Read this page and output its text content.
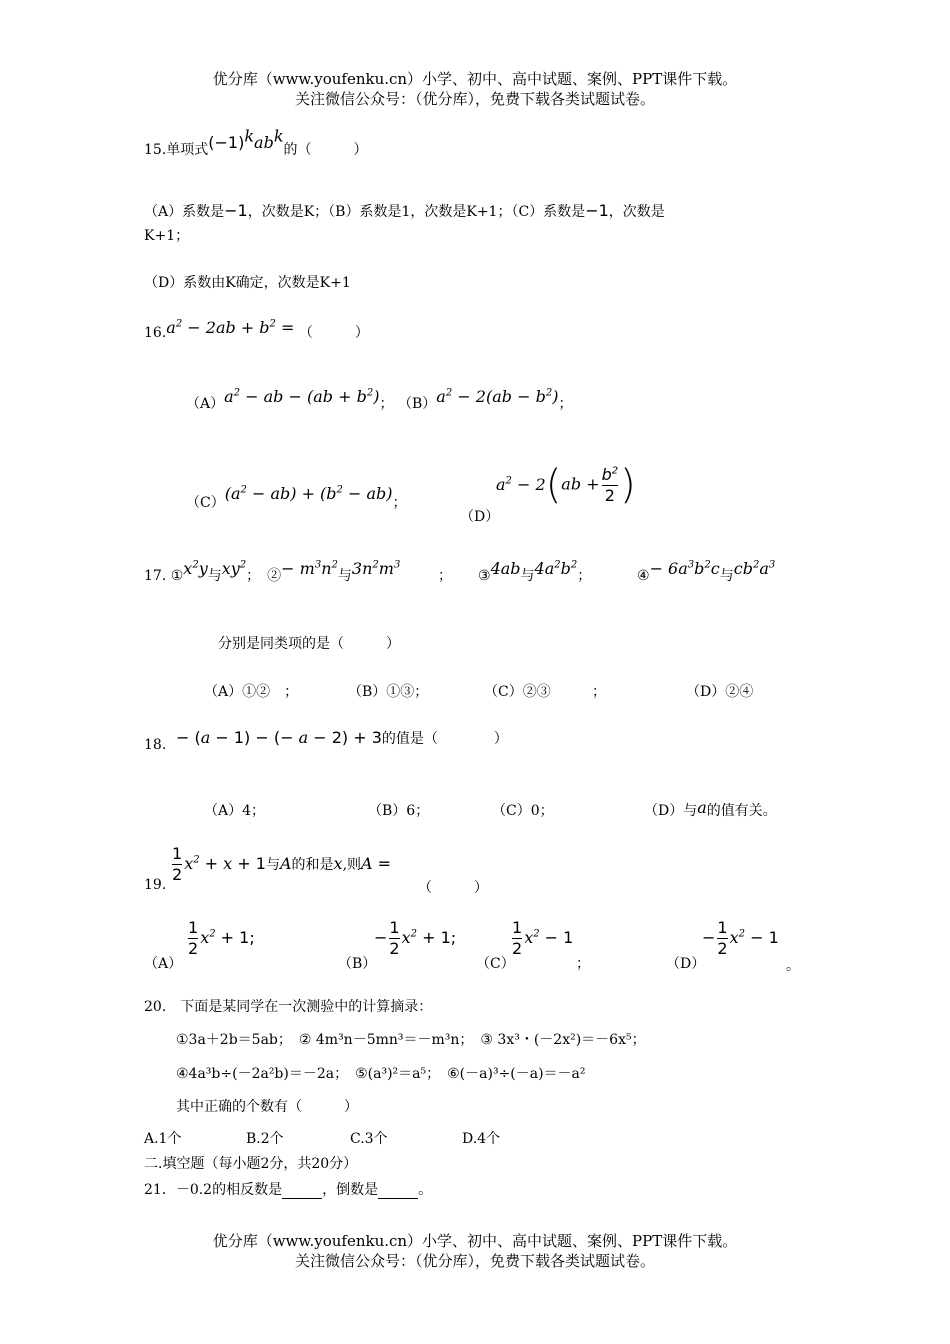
优分库（www.youfenku.cn）小学、初中、高中试题、案例、PPT课件下载。
关注微信公众号：（优分库），免费下载各类试题试卷。
15.单项式$(-1)^kab^k$的（　　　）
（A）系数是−1，次数是K；（B）系数是1，次数是K+1；（C）系数是−1，次数是
K+1；
（D）系数由K确定，次数是K+1
$16.a^2 - 2ab + b^2$ = （　　　）
$(A)a^2$ − ab − $(ab + b^2)$； $(B)a^2 - 2(ab - b^2)$；
$(C)(a^2 - ab) + (b^2 - ab)$；
（D）
$a^2 - 2(ab + \frac{b^2}{2}$ )
17. $①x^2y$与$xy^2$；　②− $m^3n^2$与$3n^2m^3$
； ③4ab与$4a^2b^2$；	④− $6a^3b^2c$与$cb^2a^3$
分别是同类项的是（　　　）
（A）①②　；	（B）①③；	（C）②③	；	（D）②④
18. − (a − 1) − (− a − 2) + 3的值是（　　　　）
（A）4；	（B）6；	（C）0；	（D）与a的值有关。
19. $\frac{1}{2} x^2 + x + 1$与A的和是x,则A =
（　　　）
（A）
$\frac{1}{2} x^2 + 1$;
（B）
− $\frac{1}{2} x^2 + 1$;
（C）
$\frac{1}{2} x^2 - 1$
；	（D）
− $\frac{1}{2} x^2 - 1$
。
20.　下面是某同学在一次测验中的计算摘录：
①3a＋2b＝5ab；　② 4m³n－5mn³＝－m³n；　③ 3x³・(－2x²)＝－6x⁵；
④4a³b÷(－2a²b)＝－2a；　⑤(a³)²＝a⁵；　⑥(－a)³÷(－a)＝－a²
其中正确的个数有（　　　）
A.1个	B.2个	C.3个	D.4个
二.填空题（每小题2分，共20分）
21．－0.2的相反数是	，倒数是	。
优分库（www.youfenku.cn）小学、初中、高中试题、案例、PPT课件下载。
关注微信公众号：（优分库），免费下载各类试题试卷。
